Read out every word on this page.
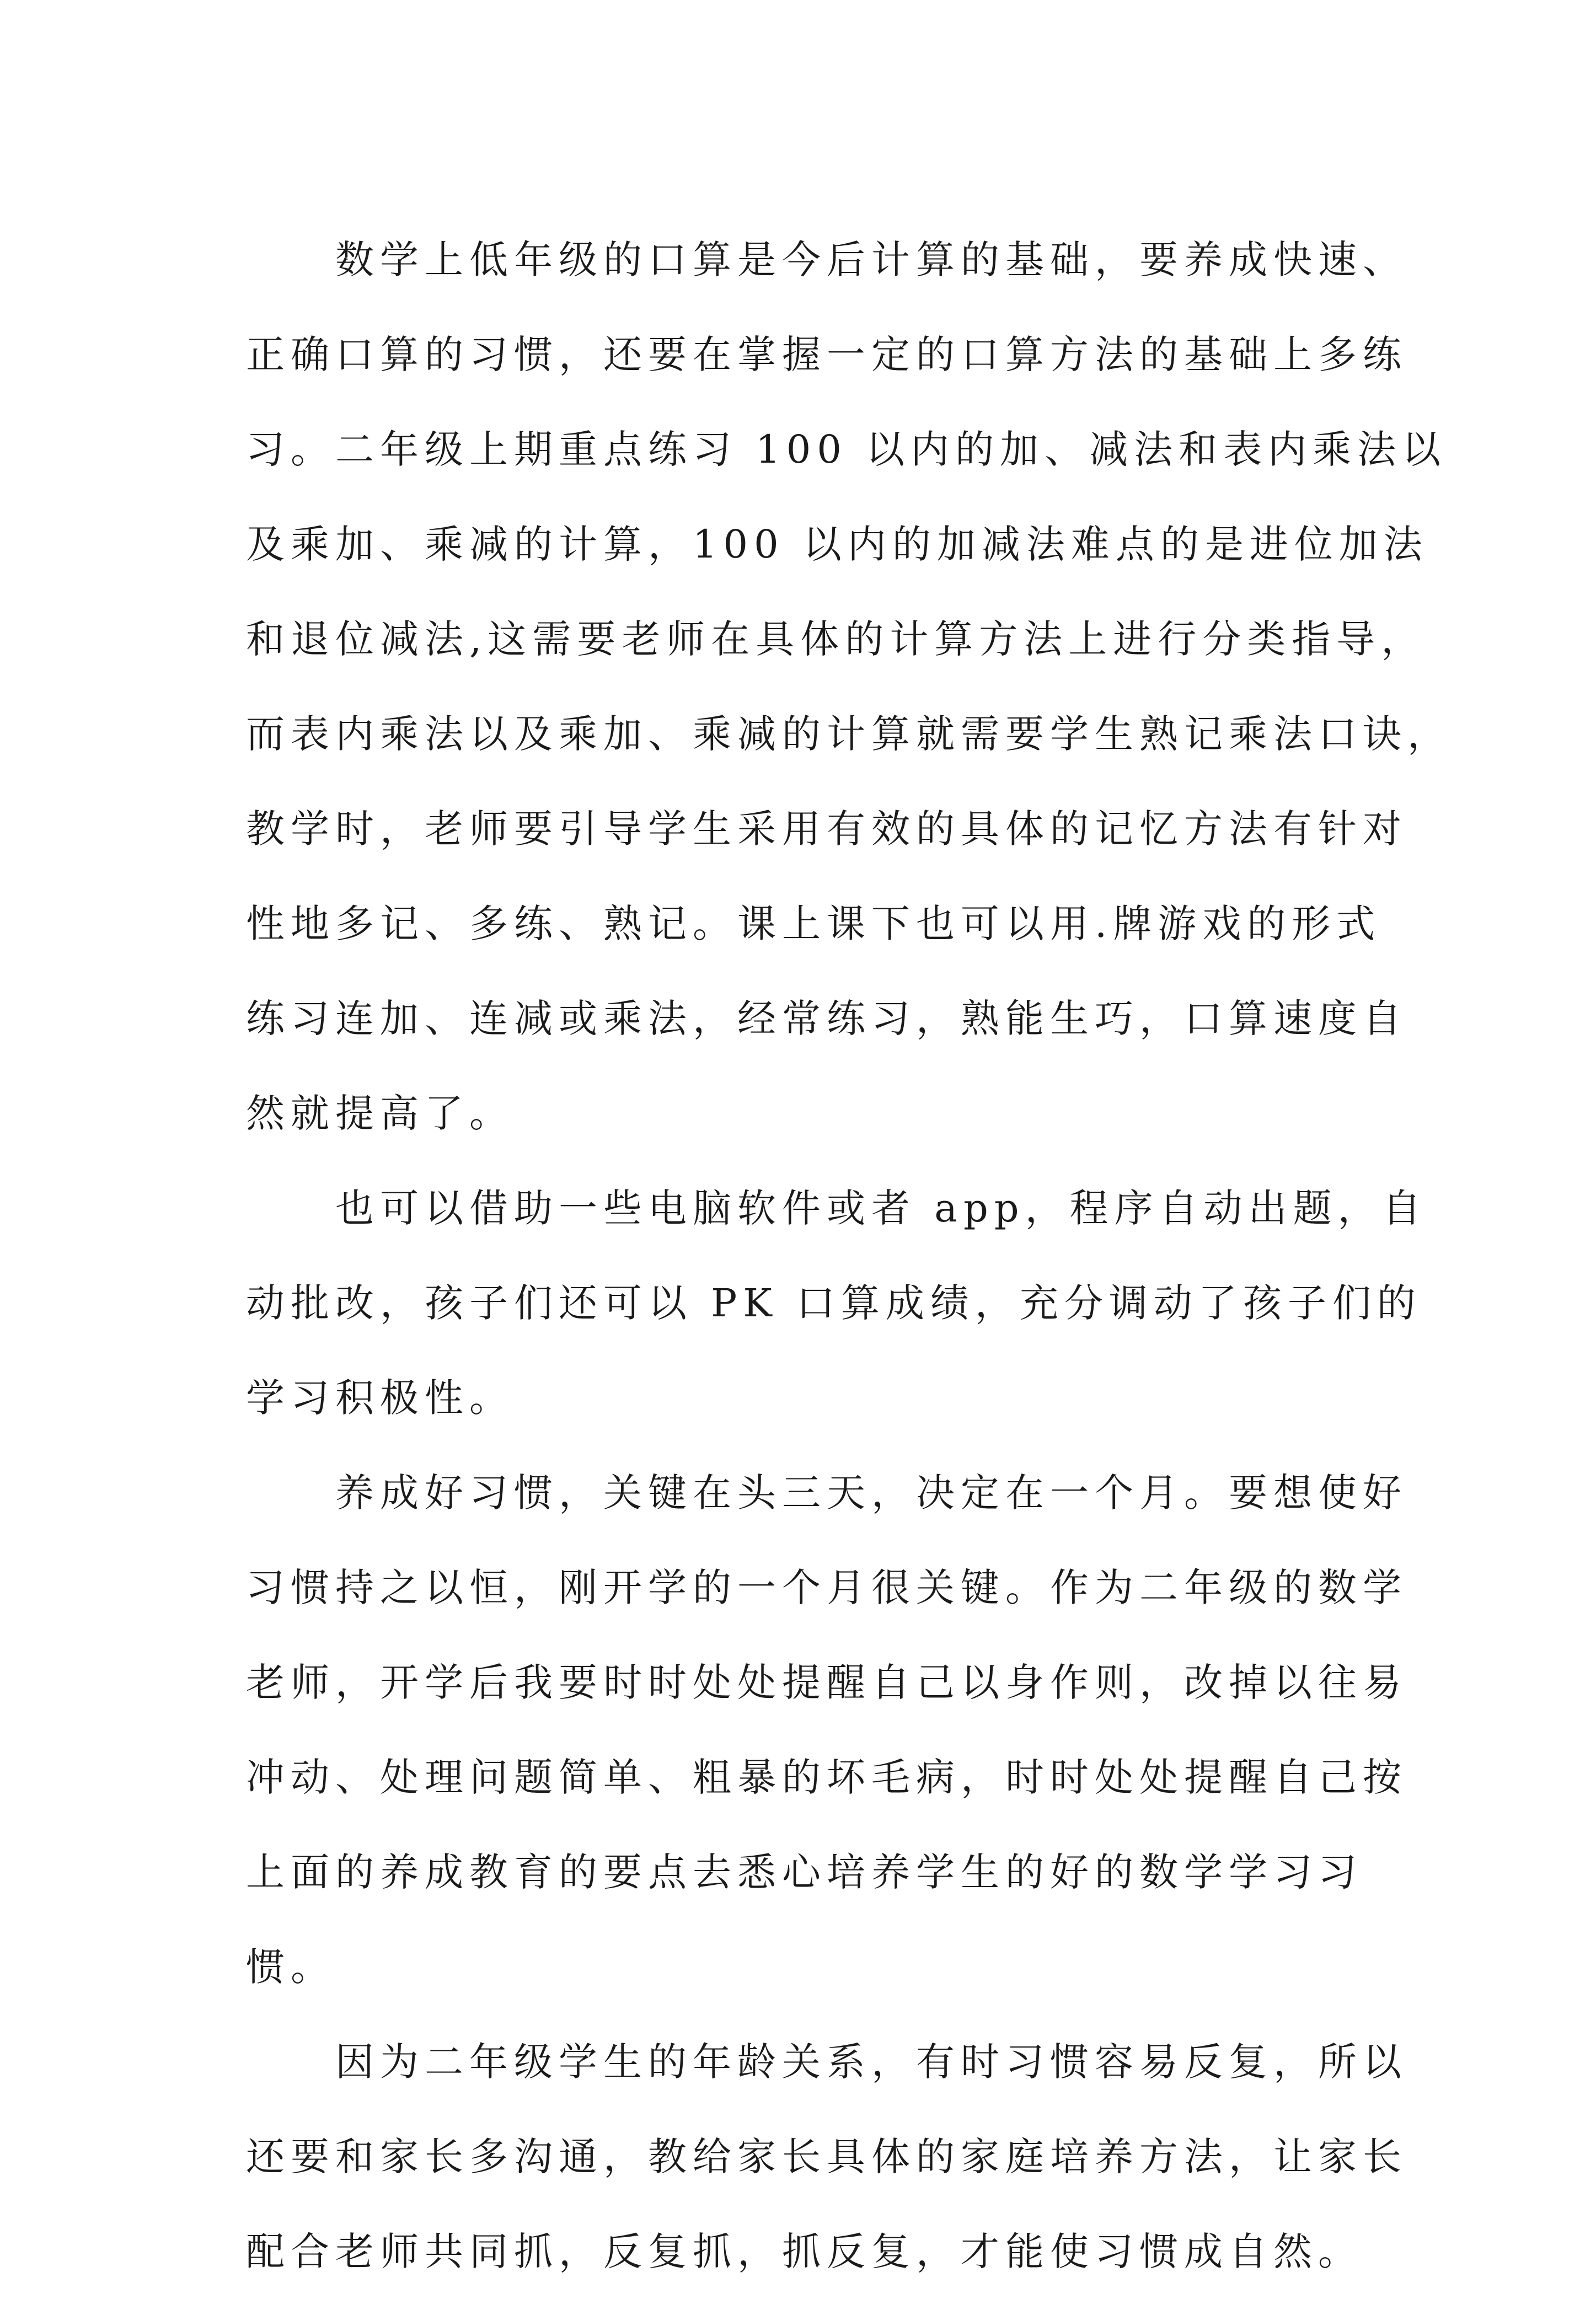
数学上低年级的口算是今后计算的基础，要养成快速、
正确口算的习惯，还要在掌握一定的口算方法的基础上多练
习。二年级上期重点练习 100 以内的加、减法和表内乘法以
及乘加、乘减的计算，100 以内的加减法难点的是进位加法
和退位减法,这需要老师在具体的计算方法上进行分类指导，
而表内乘法以及乘加、乘减的计算就需要学生熟记乘法口诀，
教学时，老师要引导学生采用有效的具体的记忆方法有针对
性地多记、多练、熟记。课上课下也可以用.牌游戏的形式
练习连加、连减或乘法，经常练习，熟能生巧，口算速度自
然就提高了。
也可以借助一些电脑软件或者 app，程序自动出题，自
动批改，孩子们还可以 PK 口算成绩，充分调动了孩子们的
学习积极性。
养成好习惯，关键在头三天，决定在一个月。要想使好
习惯持之以恒，刚开学的一个月很关键。作为二年级的数学
老师，开学后我要时时处处提醒自己以身作则，改掉以往易
冲动、处理问题简单、粗暴的坏毛病，时时处处提醒自己按
上面的养成教育的要点去悉心培养学生的好的数学学习习
惯。
因为二年级学生的年龄关系，有时习惯容易反复，所以
还要和家长多沟通，教给家长具体的家庭培养方法，让家长
配合老师共同抓，反复抓，抓反复，才能使习惯成自然。
